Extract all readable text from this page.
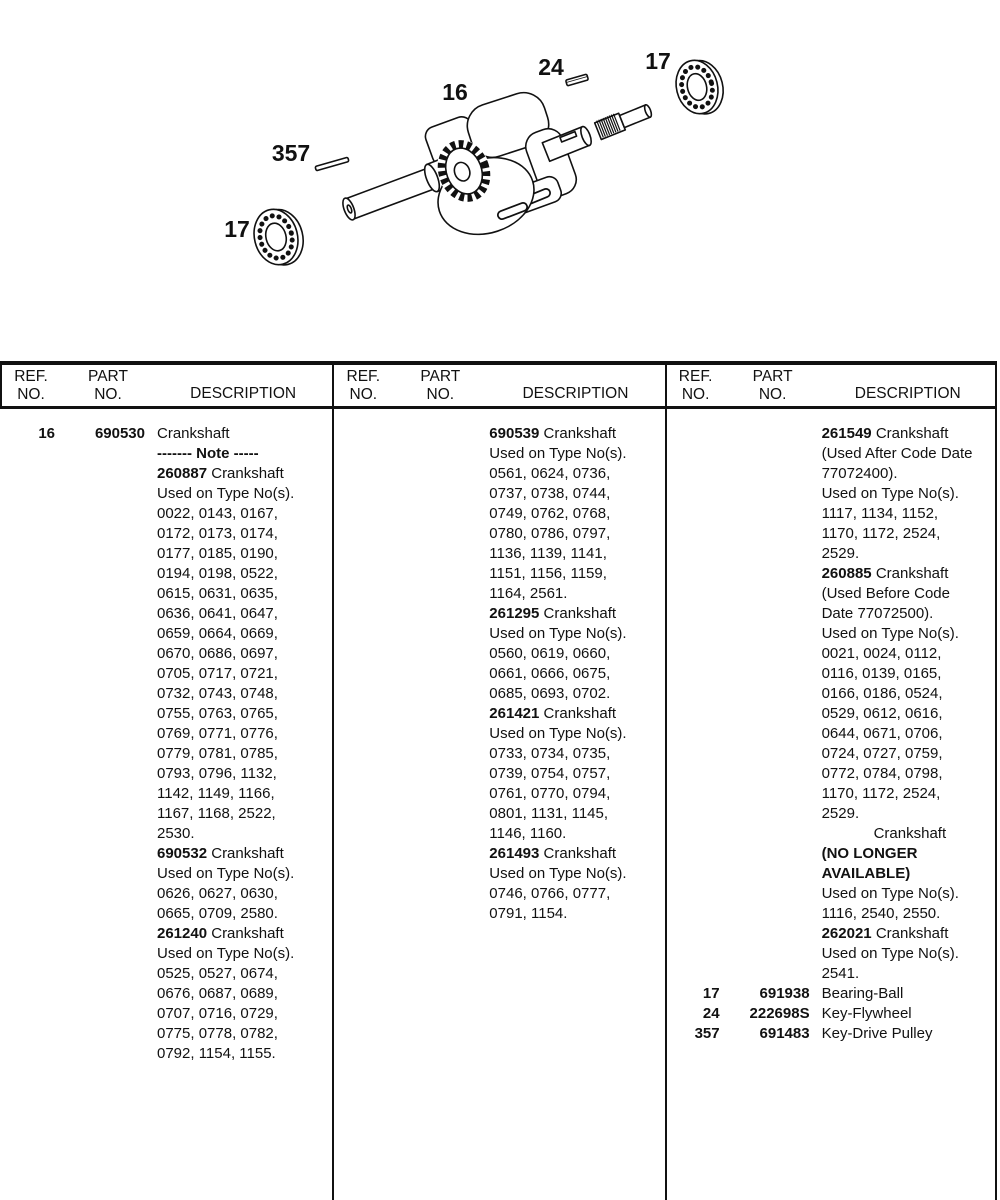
16
24	17
357
17
REF.
NO.
PART
NO.	DESCRIPTION
REF.
NO.
PART
NO.	DESCRIPTION
REF.
NO.
PART
NO.	DESCRIPTION
16	690530 Crankshaft
------- Note -----
260887 Crankshaft
Used on Type No(s).
0022, 0143, 0167,
0172, 0173, 0174,
0177, 0185, 0190,
0194, 0198, 0522,
0615, 0631, 0635,
0636, 0641, 0647,
0659, 0664, 0669,
0670, 0686, 0697,
0705, 0717, 0721,
0732, 0743, 0748,
0755, 0763, 0765,
0769, 0771, 0776,
0779, 0781, 0785,
0793, 0796, 1132,
1142, 1149, 1166,
1167, 1168, 2522,
2530.
690532 Crankshaft
Used on Type No(s).
0626, 0627, 0630,
0665, 0709, 2580.
261240 Crankshaft
Used on Type No(s).
0525, 0527, 0674,
0676, 0687, 0689,
0707, 0716, 0729,
0775, 0778, 0782,
0792, 1154, 1155.
690539 Crankshaft
Used on Type No(s).
0561, 0624, 0736,
0737, 0738, 0744,
0749, 0762, 0768,
0780, 0786, 0797,
1136, 1139, 1141,
1151, 1156, 1159,
1164, 2561.
261295 Crankshaft
Used on Type No(s).
0560, 0619, 0660,
0661, 0666, 0675,
0685, 0693, 0702.
261421 Crankshaft
Used on Type No(s).
0733, 0734, 0735,
0739, 0754, 0757,
0761, 0770, 0794,
0801, 1131, 1145,
1146, 1160.
261493 Crankshaft
Used on Type No(s).
0746, 0766, 0777,
0791, 1154.
261549 Crankshaft
(Used After Code Date
77072400).
Used on Type No(s).
1117, 1134, 1152,
1170, 1172, 2524,
2529.
260885 Crankshaft
(Used Before Code
Date 77072500).
Used on Type No(s).
0021, 0024, 0112,
0116, 0139, 0165,
0166, 0186, 0524,
0529, 0612, 0616,
0644, 0671, 0706,
0724, 0727, 0759,
0772, 0784, 0798,
1170, 1172, 2524,
2529.
Crankshaft
(NO LONGER
AVAILABLE)
Used on Type No(s).
1116, 2540, 2550.
262021 Crankshaft
Used on Type No(s).
2541.
17	691938 Bearing-Ball
24	222698S Key-Flywheel
357	691483 Key-Drive Pulley
